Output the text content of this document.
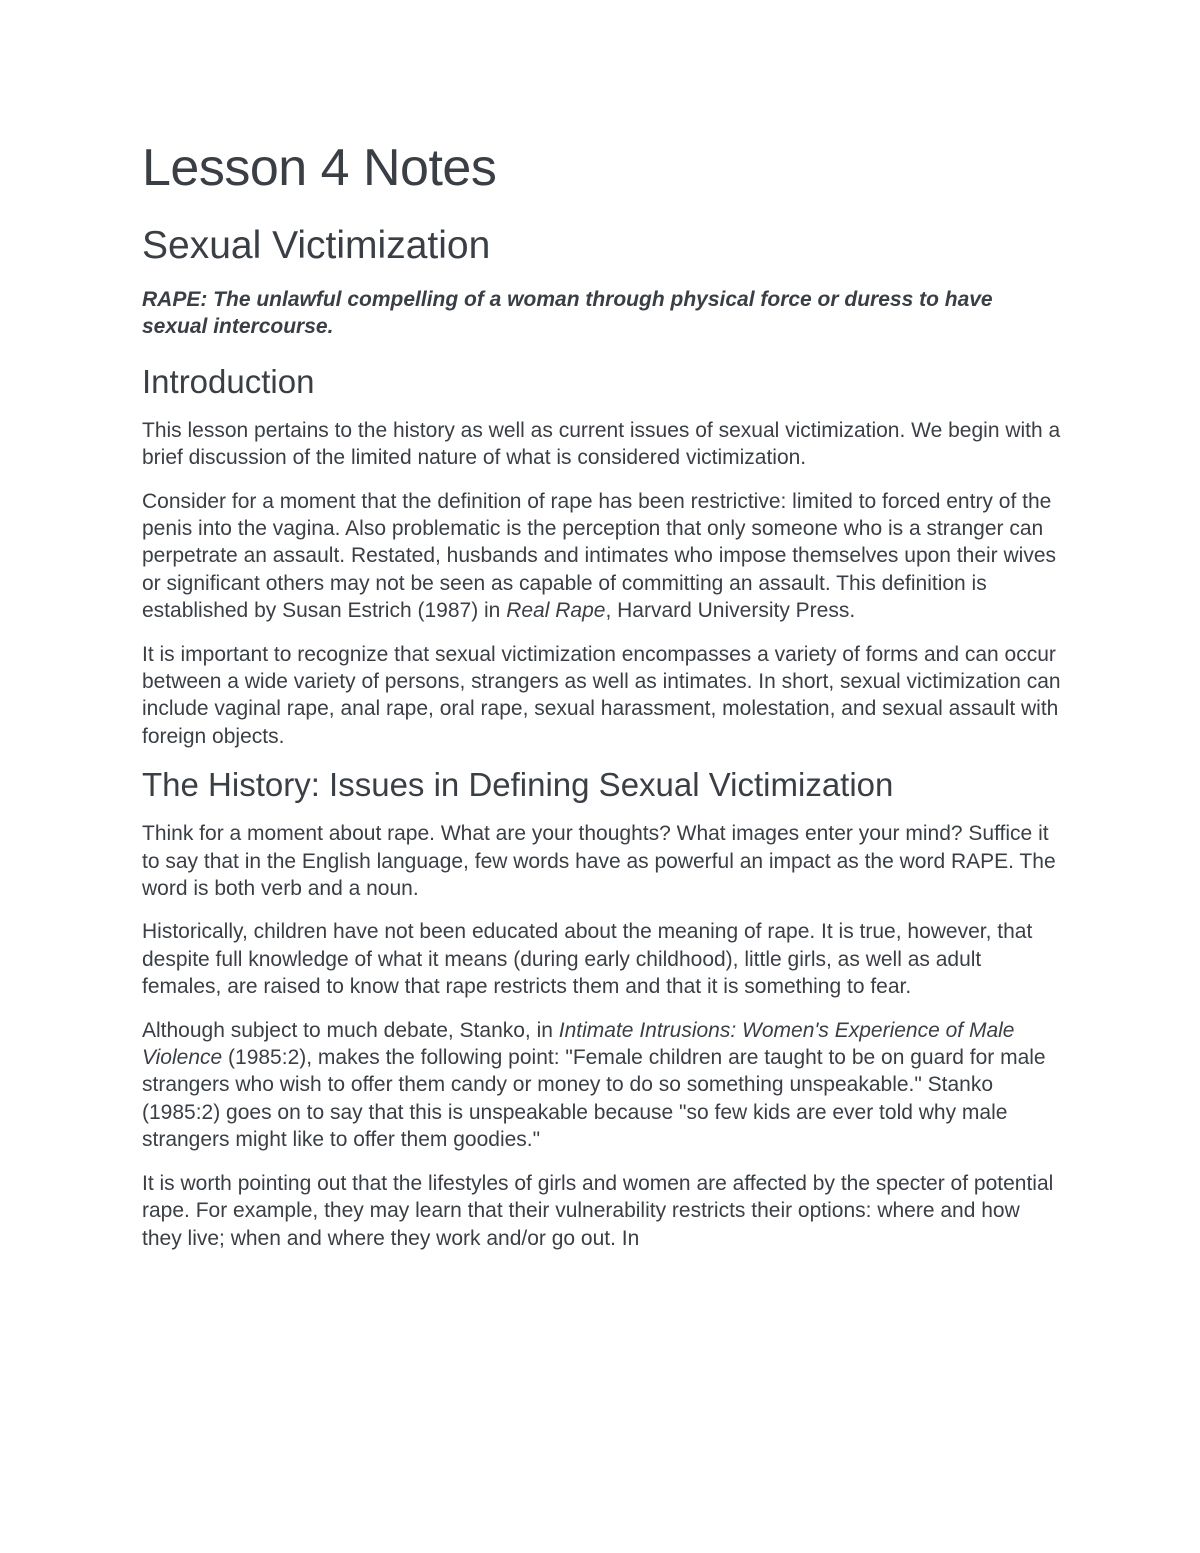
Lesson 4 Notes
Sexual Victimization

RAPE: The unlawful compelling of a woman through physical force or duress to have sexual intercourse.

Introduction

This lesson pertains to the history as well as current issues of sexual victimization. We begin with a brief discussion of the limited nature of what is considered victimization.

Consider for a moment that the definition of rape has been restrictive: limited to forced entry of the penis into the vagina. Also problematic is the perception that only someone who is a stranger can perpetrate an assault. Restated, husbands and intimates who impose themselves upon their wives or significant others may not be seen as capable of committing an assault. This definition is established by Susan Estrich (1987) in Real Rape, Harvard University Press.

It is important to recognize that sexual victimization encompasses a variety of forms and can occur between a wide variety of persons, strangers as well as intimates. In short, sexual victimization can include vaginal rape, anal rape, oral rape, sexual harassment, molestation, and sexual assault with foreign objects.

The History: Issues in Defining Sexual Victimization

Think for a moment about rape. What are your thoughts? What images enter your mind? Suffice it to say that in the English language, few words have as powerful an impact as the word RAPE. The word is both verb and a noun.

Historically, children have not been educated about the meaning of rape. It is true, however, that despite full knowledge of what it means (during early childhood), little girls, as well as adult females, are raised to know that rape restricts them and that it is something to fear.

Although subject to much debate, Stanko, in Intimate Intrusions: Women's Experience of Male Violence (1985:2), makes the following point: "Female children are taught to be on guard for male strangers who wish to offer them candy or money to do so something unspeakable." Stanko (1985:2) goes on to say that this is unspeakable because "so few kids are ever told why male strangers might like to offer them goodies."

It is worth pointing out that the lifestyles of girls and women are affected by the specter of potential rape. For example, they may learn that their vulnerability restricts their options: where and how they live; when and where they work and/or go out. In
